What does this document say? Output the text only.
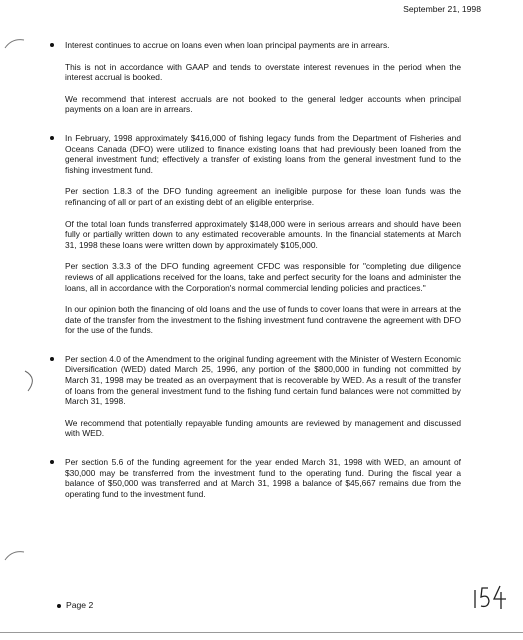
September 21, 1998

Interest continues to accrue on loans even when loan principal payments are in arrears.

This is not in accordance with GAAP and tends to overstate interest revenues in the period when the interest accrual is booked.

We recommend that interest accruals are not booked to the general ledger accounts when principal payments on a loan are in arrears.

In February, 1998 approximately $416,000 of fishing legacy funds from the Department of Fisheries and Oceans Canada (DFO) were utilized to finance existing loans that had previously been loaned from the general investment fund; effectively a transfer of existing loans from the general investment fund to the fishing investment fund.

Per section 1.8.3 of the DFO funding agreement an ineligible purpose for these loan funds was the refinancing of all or part of an existing debt of an eligible enterprise.

Of the total loan funds transferred approximately $148,000 were in serious arrears and should have been fully or partially written down to any estimated recoverable amounts. In the financial statements at March 31, 1998 these loans were written down by approximately $105,000.

Per section 3.3.3 of the DFO funding agreement CFDC was responsible for "completing due diligence reviews of all applications received for the loans, take and perfect security for the loans and administer the loans, all in accordance with the Corporation's normal commercial lending policies and practices."

In our opinion both the financing of old loans and the use of funds to cover loans that were in arrears at the date of the transfer from the investment to the fishing investment fund contravene the agreement with DFO for the use of the funds.

Per section 4.0 of the Amendment to the original funding agreement with the Minister of Western Economic Diversification (WED) dated March 25, 1996, any portion of the $800,000 in funding not committed by March 31, 1998 may be treated as an overpayment that is recoverable by WED. As a result of the transfer of loans from the general investment fund to the fishing fund certain fund balances were not committed by March 31, 1998.

We recommend that potentially repayable funding amounts are reviewed by management and discussed with WED.

Per section 5.6 of the funding agreement for the year ended March 31, 1998 with WED, an amount of $30,000 may be transferred from the investment fund to the operating fund. During the fiscal year a balance of $50,000 was transferred and at March 31, 1998 a balance of $45,667 remains due from the operating fund to the investment fund.

Page 2
